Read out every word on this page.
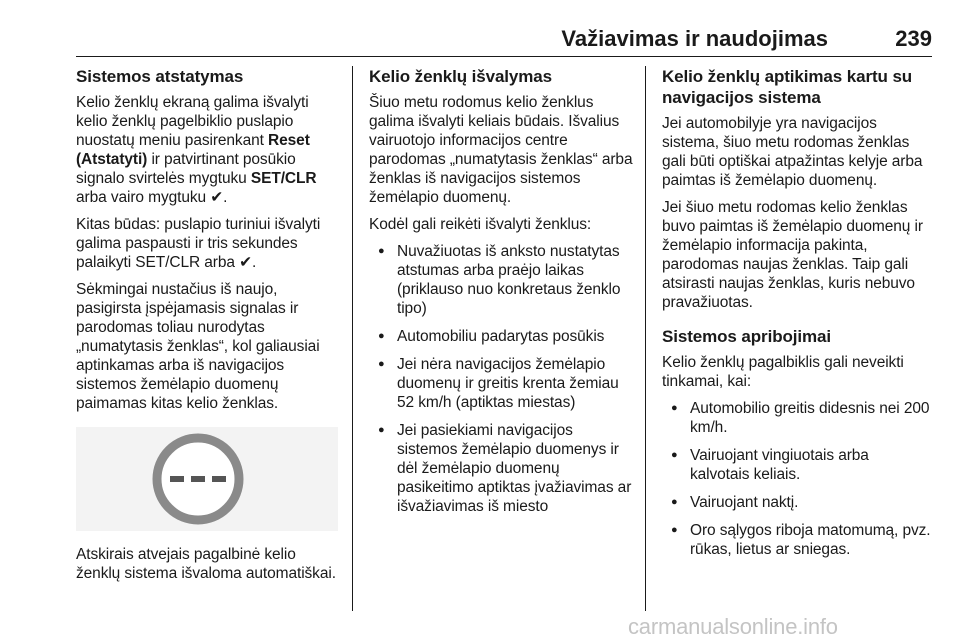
Važiavimas ir naudojimas	239
Sistemos atstatymas

Kelio ženklų ekraną galima išvalyti kelio ženklų pagelbiklio puslapio nuostatų meniu pasirenkant Reset (Atstatyti) ir patvirtinant posūkio signalo svirtelės mygtuku SET/CLR arba vairo mygtuku ✔.

Kitas būdas: puslapio turiniui išvalyti galima paspausti ir tris sekundes palaikyti SET/CLR arba ✔.

Sėkmingai nustačius iš naujo, pasigirsta įspėjamasis signalas ir parodomas toliau nurodytas „numatytasis ženklas“, kol galiausiai aptinkamas arba iš navigacijos sistemos žemėlapio duomenų paimamas kitas kelio ženklas.

Atskirais atvejais pagalbinė kelio ženklų sistema išvaloma automatiškai.

Kelio ženklų išvalymas

Šiuo metu rodomus kelio ženklus galima išvalyti keliais būdais. Išvalius vairuotojo informacijos centre parodomas „numatytasis ženklas“ arba ženklas iš navigacijos sistemos žemėlapio duomenų.

Kodėl gali reikėti išvalyti ženklus:

● Nuvažiuotas iš anksto nustatytas atstumas arba praėjo laikas (priklauso nuo konkretaus ženklo tipo)
● Automobiliu padarytas posūkis
● Jei nėra navigacijos žemėlapio duomenų ir greitis krenta žemiau 52 km/h (aptiktas miestas)
● Jei pasiekiami navigacijos sistemos žemėlapio duomenys ir dėl žemėlapio duomenų pasikeitimo aptiktas įvažiavimas ar išvažiavimas iš miesto
Kelio ženklų aptikimas kartu su navigacijos sistema

Jei automobilyje yra navigacijos sistema, šiuo metu rodomas ženklas gali būti optiškai atpažintas kelyje arba paimtas iš žemėlapio duomenų.

Jei šiuo metu rodomas kelio ženklas buvo paimtas iš žemėlapio duomenų ir žemėlapio informacija pakinta, parodomas naujas ženklas. Taip gali atsirasti naujas ženklas, kuris nebuvo pravažiuotas.

Sistemos apribojimai

Kelio ženklų pagalbiklis gali neveikti tinkamai, kai:

● Automobilio greitis didesnis nei 200 km/h.
● Vairuojant vingiuotais arba kalvotais keliais.
● Vairuojant naktį.
● Oro sąlygos riboja matomumą, pvz. rūkas, lietus ar sniegas.
carmanualsonline.info
